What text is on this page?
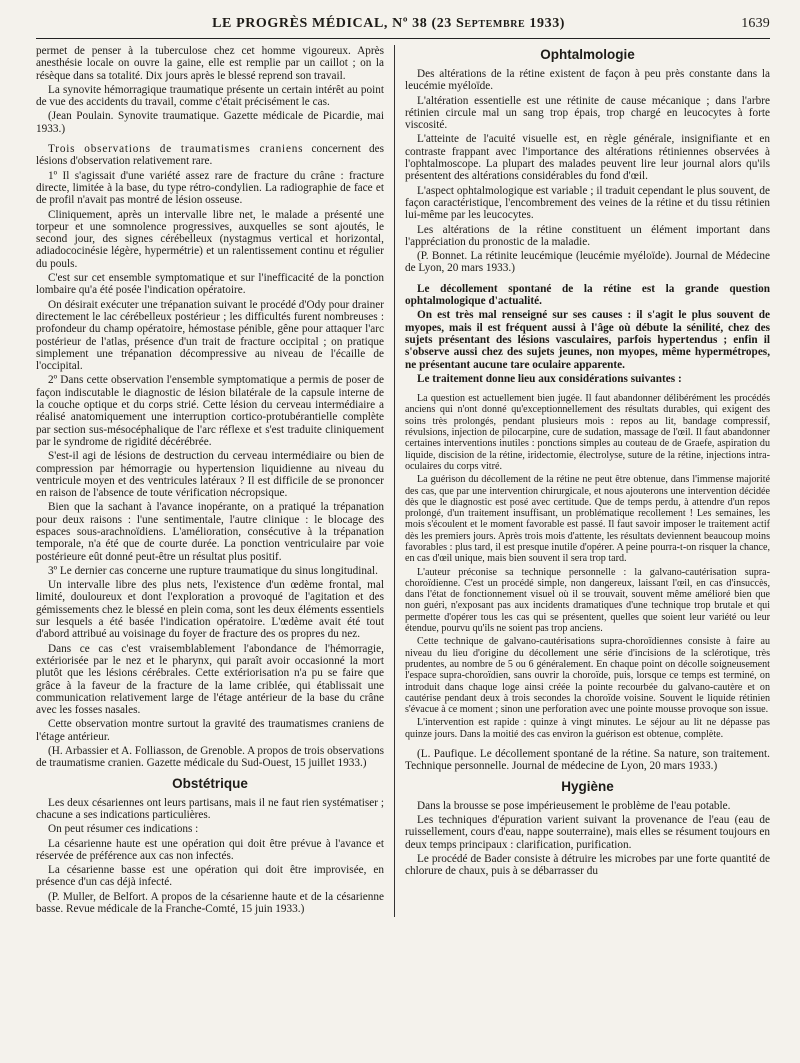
LE PROGRÈS MÉDICAL, Nº 38 (23 Septembre 1933)	1639

permet de penser à la tuberculose chez cet homme vigoureux. Après anesthésie locale on ouvre la gaine, elle est remplie par un caillot ; on la résèque dans sa totalité. Dix jours après le blessé reprend son travail.

La synovite hémorragique traumatique présente un certain intérêt au point de vue des accidents du travail, comme c'était précisément le cas.

(Jean Poulain. Synovite traumatique. Gazette médicale de Picardie, mai 1933.)

Trois observations de traumatismes craniens concernent des lésions d'observation relativement rare.

1º Il s'agissait d'une variété assez rare de fracture du crâne : fracture directe, limitée à la base, du type rétro-condylien. La radiographie de face et de profil n'avait pas montré de lésion osseuse.

Cliniquement, après un intervalle libre net, le malade a présenté une torpeur et une somnolence progressives, auxquelles se sont ajoutés, le second jour, des signes cérébelleux (nystagmus vertical et horizontal, adiadococinésie légère, hypermétrie) et un ralentissement continu et régulier du pouls.

C'est sur cet ensemble symptomatique et sur l'inefficacité de la ponction lombaire qu'a été posée l'indication opératoire.

On désirait exécuter une trépanation suivant le procédé d'Ody pour drainer directement le lac cérébelleux postérieur ; les difficultés furent nombreuses : profondeur du champ opératoire, hémostase pénible, gêne pour attaquer l'arc postérieur de l'atlas, présence d'un trait de fracture occipital ; on pratique simplement une trépanation décompressive au niveau de l'écaille de l'occipital.

2º Dans cette observation l'ensemble symptomatique a permis de poser de façon indiscutable le diagnostic de lésion bilatérale de la capsule interne de la couche optique et du corps strié. Cette lésion du cerveau intermédiaire a réalisé anatomiquement une interruption cortico-protubérantielle complète par section sus-mésocéphalique de l'arc réflexe et s'est traduite cliniquement par le syndrome de rigidité décérébrée.

S'est-il agi de lésions de destruction du cerveau intermédiaire ou bien de compression par hémorragie ou hypertension liquidienne au niveau du ventricule moyen et des ventricules latéraux ? Il est difficile de se prononcer en raison de l'absence de toute vérification nécropsique.

Bien que la sachant à l'avance inopérante, on a pratiqué la trépanation pour deux raisons : l'une sentimentale, l'autre clinique : le blocage des espaces sous-arachnoïdiens. L'amélioration, consécutive à la trépanation temporale, n'a été que de courte durée. La ponction ventriculaire par voie postérieure eût donné peut-être un résultat plus positif.

3º Le dernier cas concerne une rupture traumatique du sinus longitudinal.

Un intervalle libre des plus nets, l'existence d'un œdème frontal, mal limité, douloureux et dont l'exploration a provoqué de l'agitation et des gémissements chez le blessé en plein coma, sont les deux éléments essentiels sur lesquels a été basée l'indication opératoire. L'œdème avait été tout d'abord attribué au voisinage du foyer de fracture des os propres du nez.

Dans ce cas c'est vraisemblablement l'abondance de l'hémorragie, extériorisée par le nez et le pharynx, qui paraît avoir occasionné la mort plutôt que les lésions cérébrales. Cette extériorisation n'a pu se faire que grâce à la faveur de la fracture de la lame criblée, qui établissait une communication relativement large de l'étage antérieur de la base du crâne avec les fosses nasales.

Cette observation montre surtout la gravité des traumatismes craniens de l'étage antérieur.

(H. Arbassier et A. Folliasson, de Grenoble. A propos de trois observations de traumatisme cranien. Gazette médicale du Sud-Ouest, 15 juillet 1933.)

Obstétrique

Les deux césariennes ont leurs partisans, mais il ne faut rien systématiser ; chacune a ses indications particulières.

On peut résumer ces indications :

La césarienne haute est une opération qui doit être prévue à l'avance et réservée de préférence aux cas non infectés.

La césarienne basse est une opération qui doit être improvisée, en présence d'un cas déjà infecté.

(P. Muller, de Belfort. A propos de la césarienne haute et de la césarienne basse. Revue médicale de la Franche-Comté, 15 juin 1933.)

Ophtalmologie

Des altérations de la rétine existent de façon à peu près constante dans la leucémie myéloïde.

L'altération essentielle est une rétinite de cause mécanique ; dans l'arbre rétinien circule mal un sang trop épais, trop chargé en leucocytes à forte viscosité.

L'atteinte de l'acuité visuelle est, en règle générale, insignifiante et en contraste frappant avec l'importance des altérations rétiniennes observées à l'ophtalmoscope. La plupart des malades peuvent lire leur journal alors qu'ils présentent des altérations considérables du fond d'œil.

L'aspect ophtalmologique est variable ; il traduit cependant le plus souvent, de façon caractéristique, l'encombrement des veines de la rétine et du tissu rétinien lui-même par les leucocytes.

Les altérations de la rétine constituent un élément important dans l'appréciation du pronostic de la maladie.

(P. Bonnet. La rétinite leucémique (leucémie myéloïde). Journal de Médecine de Lyon, 20 mars 1933.)

Le décollement spontané de la rétine est la grande question ophtalmologique d'actualité.

On est très mal renseigné sur ses causes : il s'agit le plus souvent de myopes, mais il est fréquent aussi à l'âge où débute la sénilité, chez des sujets présentant des lésions vasculaires, parfois hypertendus ; enfin il s'observe aussi chez des sujets jeunes, non myopes, même hypermétropes, ne présentant aucune tare oculaire apparente.

Le traitement donne lieu aux considérations suivantes :

La question est actuellement bien jugée. Il faut abandonner délibérément les procédés anciens qui n'ont donné qu'exceptionnellement des résultats durables, qui exigent des soins très prolongés, pendant plusieurs mois : repos au lit, bandage compressif, révulsions, injection de pilocarpine, cure de sudation, massage de l'œil. Il faut abandonner certaines interventions inutiles : ponctions simples au couteau de de Graefe, aspiration du liquide, discision de la rétine, iridectomie, électrolyse, suture de la rétine, injections intra-oculaires du corps vitré.

La guérison du décollement de la rétine ne peut être obtenue, dans l'immense majorité des cas, que par une intervention chirurgicale, et nous ajouterons une intervention décidée dès que le diagnostic est posé avec certitude. Que de temps perdu, à attendre d'un repos prolongé, d'un traitement insuffisant, un problématique recollement ! Les semaines, les mois s'écoulent et le moment favorable est passé. Il faut savoir imposer le traitement actif dès les premiers jours. Après trois mois d'attente, les résultats deviennent beaucoup moins favorables : plus tard, il est presque inutile d'opérer. A peine pourra-t-on risquer la chance, en cas d'œil unique, mais bien souvent il sera trop tard.

L'auteur préconise sa technique personnelle : la galvano-cautérisation supra-choroïdienne. C'est un procédé simple, non dangereux, laissant l'œil, en cas d'insuccès, dans l'état de fonctionnement visuel où il se trouvait, souvent même amélioré bien que non guéri, n'exposant pas aux incidents dramatiques d'une technique trop brutale et qui permette d'opérer tous les cas qui se présentent, quelles que soient leur variété ou leur étendue, pourvu qu'ils ne soient pas trop anciens.

Cette technique de galvano-cautérisations supra-choroïdiennes consiste à faire au niveau du lieu d'origine du décollement une série d'incisions de la sclérotique, très prudentes, au nombre de 5 ou 6 généralement. En chaque point on décolle soigneusement l'espace supra-choroïdien, sans ouvrir la choroïde, puis, lorsque ce temps est terminé, on introduit dans chaque loge ainsi créée la pointe recourbée du galvano-cautère et on cautérise pendant deux à trois secondes la choroïde voisine. Souvent le liquide rétinien s'évacue à ce moment ; sinon une perforation avec une pointe mousse provoque son issue.

L'intervention est rapide : quinze à vingt minutes. Le séjour au lit ne dépasse pas quinze jours. Dans la moitié des cas environ la guérison est obtenue, complète.

(L. Paufique. Le décollement spontané de la rétine. Sa nature, son traitement. Technique personnelle. Journal de médecine de Lyon, 20 mars 1933.)

Hygiène

Dans la brousse se pose impérieusement le problème de l'eau potable.

Les techniques d'épuration varient suivant la provenance de l'eau (eau de ruissellement, cours d'eau, nappe souterraine), mais elles se résument toujours en deux temps principaux : clarification, purification.

Le procédé de Bader consiste à détruire les microbes par une forte quantité de chlorure de chaux, puis à se débarrasser du
